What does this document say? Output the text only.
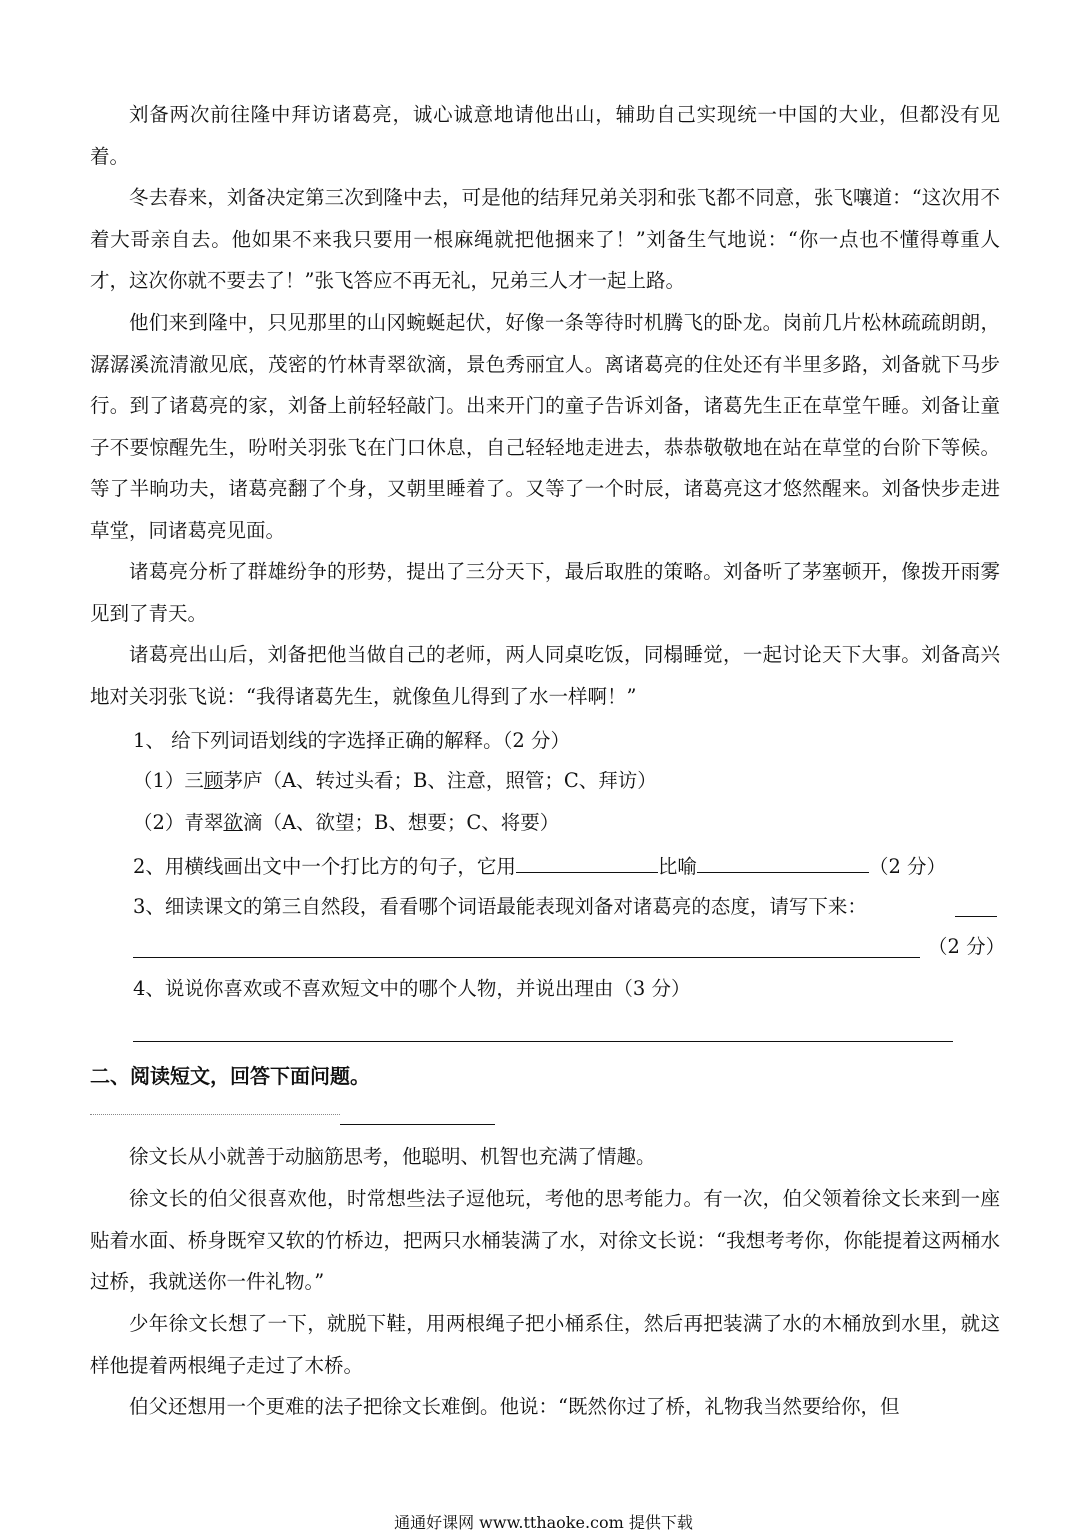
刘备两次前往隆中拜访诸葛亮，诚心诚意地请他出山，辅助自己实现统一中国的大业，但都没有见着。

冬去春来，刘备决定第三次到隆中去，可是他的结拜兄弟关羽和张飞都不同意，张飞嚷道：“这次用不着大哥亲自去。他如果不来我只要用一根麻绳就把他捆来了！”刘备生气地说：“你一点也不懂得尊重人才，这次你就不要去了！”张飞答应不再无礼，兄弟三人才一起上路。

他们来到隆中，只见那里的山冈蜿蜒起伏，好像一条等待时机腾飞的卧龙。岗前几片松林疏疏朗朗，潺潺溪流清澈见底，茂密的竹林青翠欲滴，景色秀丽宜人。离诸葛亮的住处还有半里多路，刘备就下马步行。到了诸葛亮的家，刘备上前轻轻敲门。出来开门的童子告诉刘备，诸葛先生正在草堂午睡。刘备让童子不要惊醒先生，吩咐关羽张飞在门口休息，自己轻轻地走进去，恭恭敬敬地在站在草堂的台阶下等候。等了半晌功夫，诸葛亮翻了个身，又朝里睡着了。又等了一个时辰，诸葛亮这才悠然醒来。刘备快步走进草堂，同诸葛亮见面。

诸葛亮分析了群雄纷争的形势，提出了三分天下，最后取胜的策略。刘备听了茅塞顿开，像拨开雨雾见到了青天。

诸葛亮出山后，刘备把他当做自己的老师，两人同桌吃饭，同榻睡觉，一起讨论天下大事。刘备高兴地对关羽张飞说：“我得诸葛先生，就像鱼儿得到了水一样啊！”

1、 给下列词语划线的字选择正确的解释。（2 分）

（1）三顾茅庐（A、转过头看；B、注意，照管；C、拜访）

（2）青翠欲滴（A、欲望；B、想要；C、将要）

2、用横线画出文中一个打比方的句子，它用	比喻	（2 分）

3、细读课文的第三自然段，看看哪个词语最能表现刘备对诸葛亮的态度，请写下来：

（2 分）

4、说说你喜欢或不喜欢短文中的哪个人物，并说出理由（3 分）

二、阅读短文，回答下面问题。

徐文长从小就善于动脑筋思考，他聪明、机智也充满了情趣。

徐文长的伯父很喜欢他，时常想些法子逗他玩，考他的思考能力。有一次，伯父领着徐文长来到一座贴着水面、桥身既窄又软的竹桥边，把两只水桶装满了水，对徐文长说：“我想考考你，你能提着这两桶水过桥，我就送你一件礼物。”

少年徐文长想了一下，就脱下鞋，用两根绳子把小桶系住，然后再把装满了水的木桶放到水里，就这样他提着两根绳子走过了木桥。

伯父还想用一个更难的法子把徐文长难倒。他说：“既然你过了桥，礼物我当然要给你，但

通通好课网 www.tthaoke.com 提供下载
